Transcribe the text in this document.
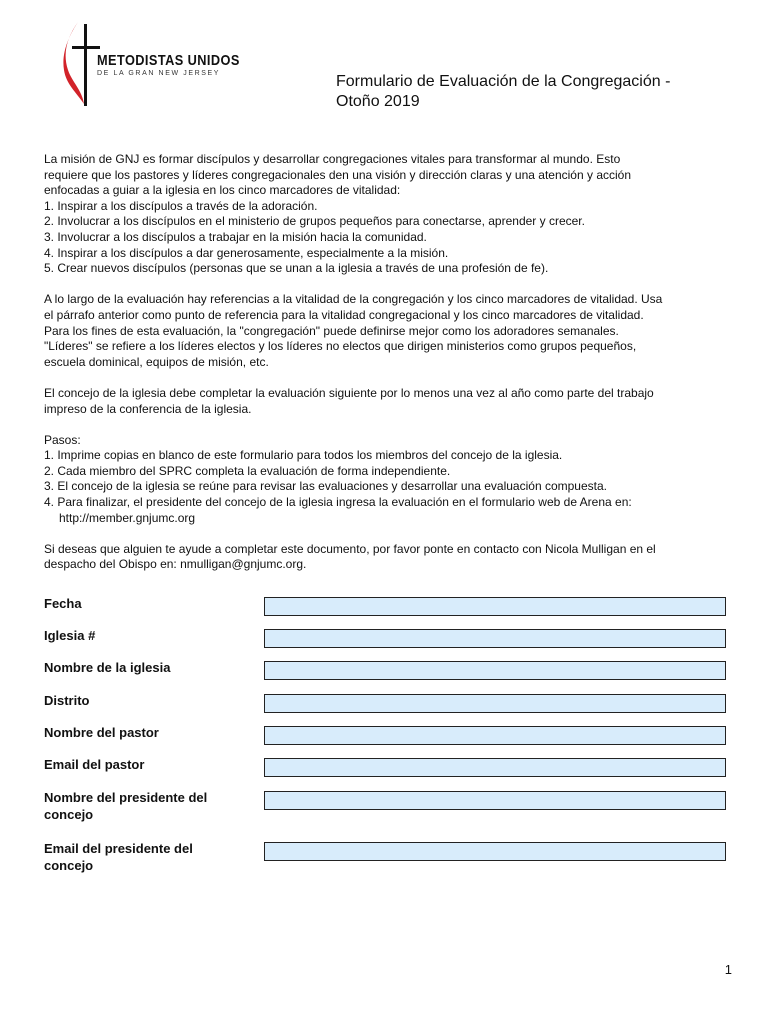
METODISTAS UNIDOS
DE LA GRAN NEW JERSEY	Formulario de Evaluación de la Congregación -
Otoño 2019

La misión de GNJ es formar discípulos y desarrollar congregaciones vitales para transformar al mundo. Esto
requiere que los pastores y líderes congregacionales den una visión y dirección claras y una atención y acción
enfocadas a guiar a la iglesia en los cinco marcadores de vitalidad:
1. Inspirar a los discípulos a través de la adoración.
2. Involucrar a los discípulos en el ministerio de grupos pequeños para conectarse, aprender y crecer.
3. Involucrar a los discípulos a trabajar en la misión hacia la comunidad.
4. Inspirar a los discípulos a dar generosamente, especialmente a la misión.
5. Crear nuevos discípulos (personas que se unan a la iglesia a través de una profesión de fe).

A lo largo de la evaluación hay referencias a la vitalidad de la congregación y los cinco marcadores de vitalidad. Usa
el párrafo anterior como punto de referencia para la vitalidad congregacional y los cinco marcadores de vitalidad.
Para los fines de esta evaluación, la "congregación" puede definirse mejor como los adoradores semanales.
"Líderes" se refiere a los líderes electos y los líderes no electos que dirigen ministerios como grupos pequeños,
escuela dominical, equipos de misión, etc.

El concejo de la iglesia debe completar la evaluación siguiente por lo menos una vez al año como parte del trabajo
impreso de la conferencia de la iglesia.

Pasos:
1. Imprime copias en blanco de este formulario para todos los miembros del concejo de la iglesia.
2. Cada miembro del SPRC completa la evaluación de forma independiente.
3. El concejo de la iglesia se reúne para revisar las evaluaciones y desarrollar una evaluación compuesta.
4. Para finalizar, el presidente del concejo de la iglesia ingresa la evaluación en el formulario web de Arena en:
http://member.gnjumc.org

Si deseas que alguien te ayude a completar este documento, por favor ponte en contacto con Nicola Mulligan en el
despacho del Obispo en: nmulligan@gnjumc.org.

Fecha
Iglesia #
Nombre de la iglesia
Distrito
Nombre del pastor
Email del pastor
Nombre del presidente del
concejo
Email del presidente del
concejo
1
